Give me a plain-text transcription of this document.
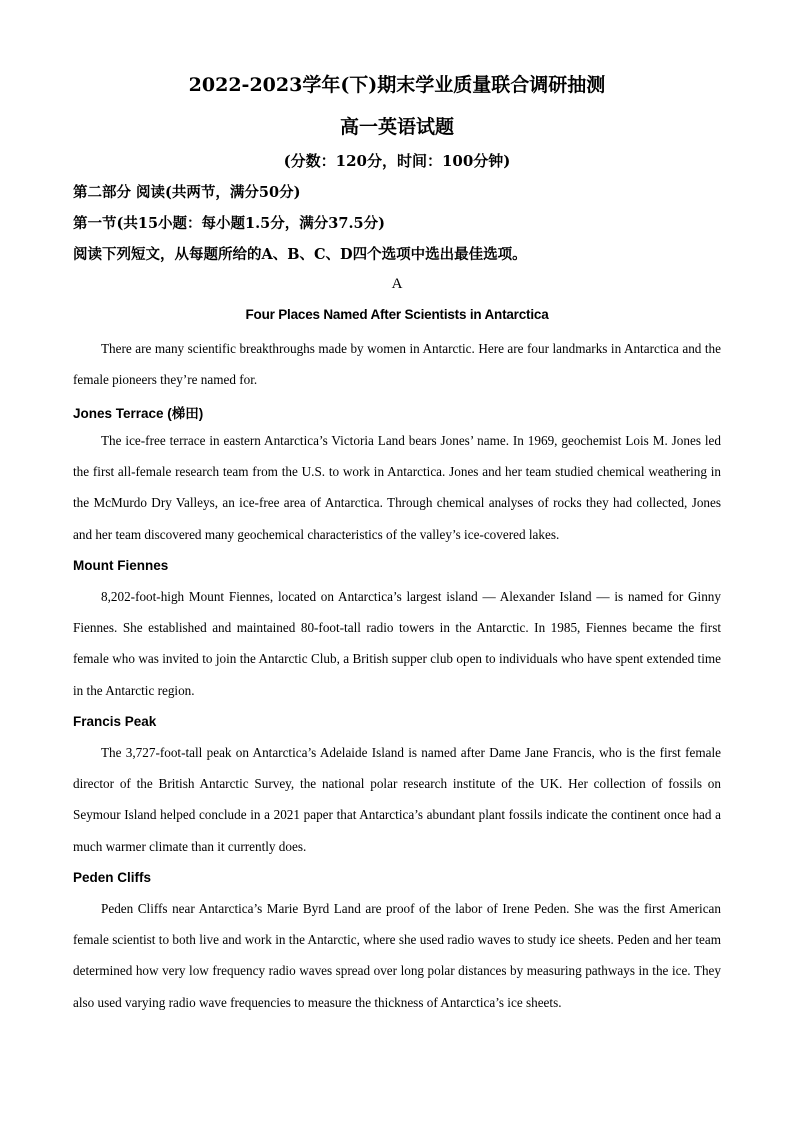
2022-2023学年(下)期末学业质量联合调研抽测
高一英语试题
(分数：120分，时间：100分钟)
第二部分 阅读(共两节，满分50分)
第一节(共15小题：每小题1.5分，满分37.5分)
阅读下列短文，从每题所给的A、B、C、D四个选项中选出最佳选项。
A
Four Places Named After Scientists in Antarctica
There are many scientific breakthroughs made by women in Antarctic. Here are four landmarks in Antarctica and the female pioneers they’re named for.
Jones Terrace (梯田)
The ice-free terrace in eastern Antarctica’s Victoria Land bears Jones’ name. In 1969, geochemist Lois M. Jones led the first all-female research team from the U.S. to work in Antarctica. Jones and her team studied chemical weathering in the McMurdo Dry Valleys, an ice-free area of Antarctica. Through chemical analyses of rocks they had collected, Jones and her team discovered many geochemical characteristics of the valley’s ice-covered lakes.
Mount Fiennes
8,202-foot-high Mount Fiennes, located on Antarctica’s largest island — Alexander Island — is named for Ginny Fiennes. She established and maintained 80-foot-tall radio towers in the Antarctic. In 1985, Fiennes became the first female who was invited to join the Antarctic Club, a British supper club open to individuals who have spent extended time in the Antarctic region.
Francis Peak
The 3,727-foot-tall peak on Antarctica’s Adelaide Island is named after Dame Jane Francis, who is the first female director of the British Antarctic Survey, the national polar research institute of the UK. Her collection of fossils on Seymour Island helped conclude in a 2021 paper that Antarctica’s abundant plant fossils indicate the continent once had a much warmer climate than it currently does.
Peden Cliffs
Peden Cliffs near Antarctica’s Marie Byrd Land are proof of the labor of Irene Peden. She was the first American female scientist to both live and work in the Antarctic, where she used radio waves to study ice sheets. Peden and her team determined how very low frequency radio waves spread over long polar distances by measuring pathways in the ice. They also used varying radio wave frequencies to measure the thickness of Antarctica’s ice sheets.
